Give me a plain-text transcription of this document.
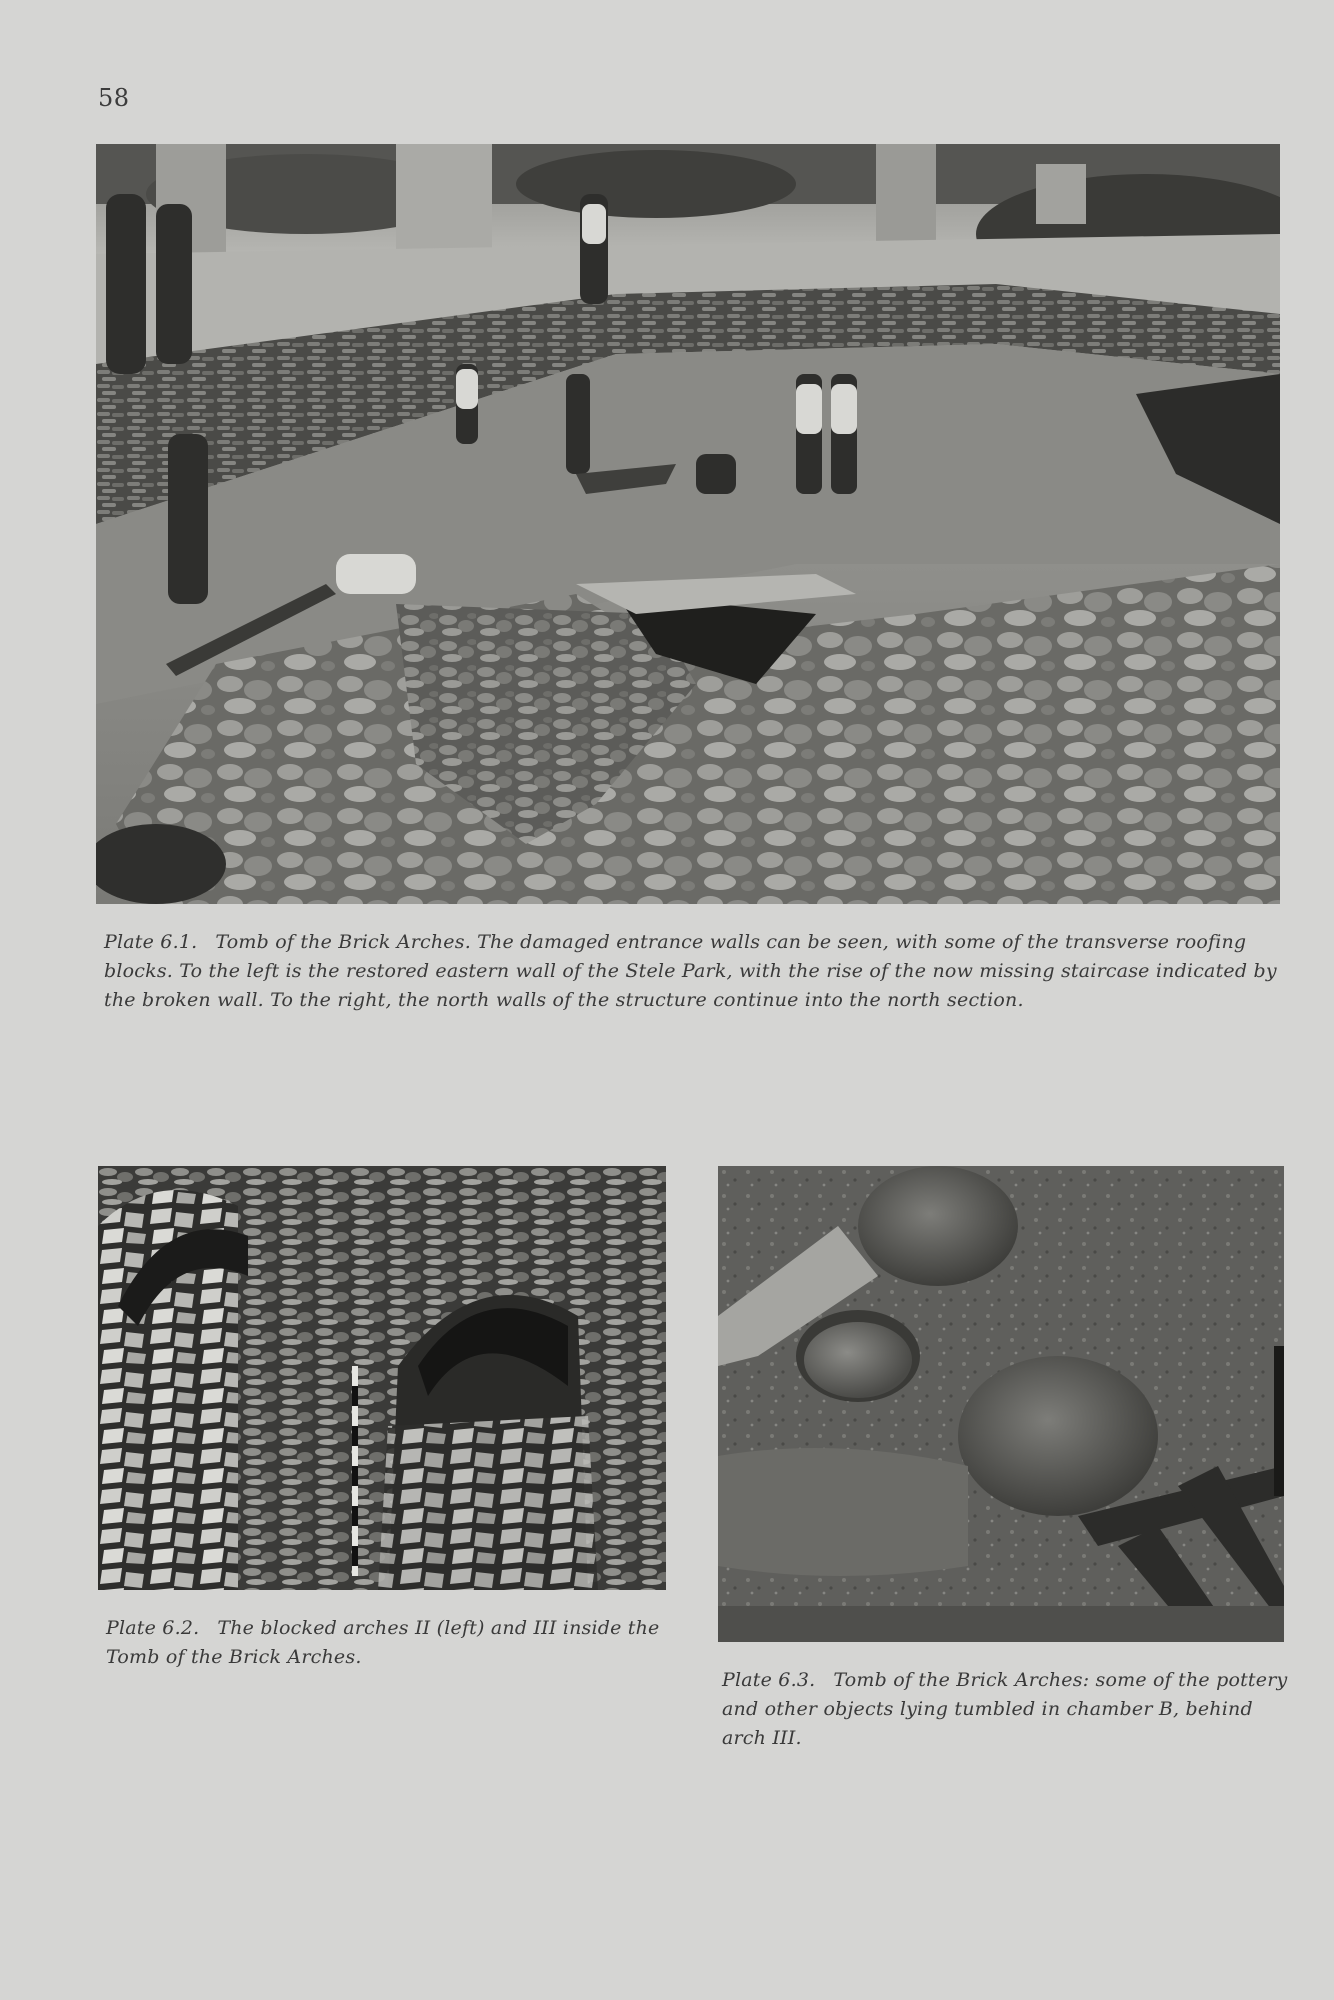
58

Plate 6.1. Tomb of the Brick Arches. The damaged entrance walls can be seen, with some of the transverse roofing blocks. To the left is the restored eastern wall of the Stele Park, with the rise of the now missing staircase indicated by the broken wall. To the right, the north walls of the structure continue into the north section.

Plate 6.2. The blocked arches II (left) and III inside the Tomb of the Brick Arches.

Plate 6.3. Tomb of the Brick Arches: some of the pottery and other objects lying tumbled in chamber B, behind arch III.
